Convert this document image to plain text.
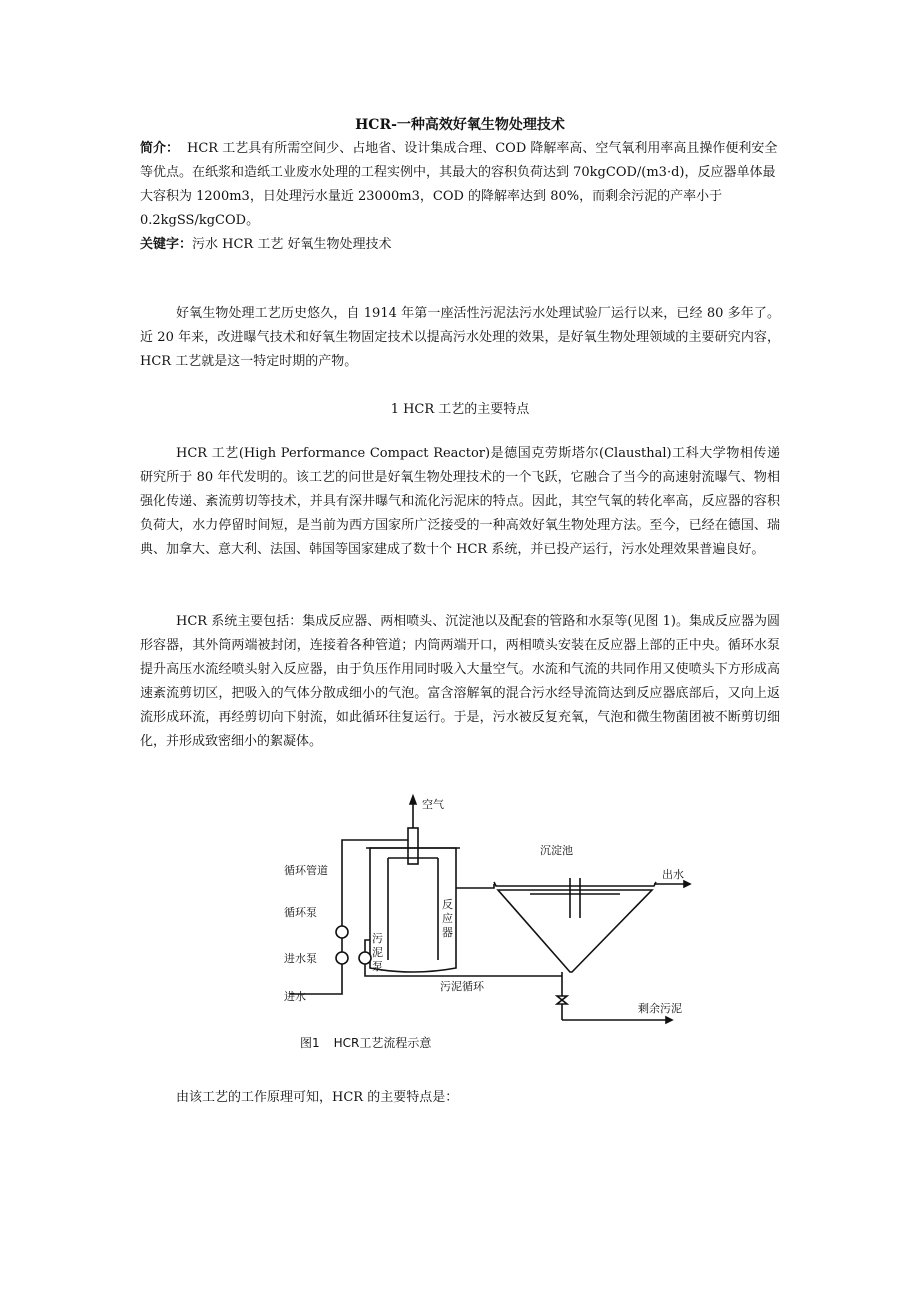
HCR-一种高效好氧生物处理技术
简介： HCR 工艺具有所需空间少、占地省、设计集成合理、COD 降解率高、空气氧利用率高且操作便利安全等优点。在纸浆和造纸工业废水处理的工程实例中，其最大的容积负荷达到 70kgCOD/(m3·d)，反应器单体最大容积为 1200m3，日处理污水量近 23000m3，COD 的降解率达到 80%，而剩余污泥的产率小于 0.2kgSS/kgCOD。
关键字：污水 HCR 工艺 好氧生物处理技术
好氧生物处理工艺历史悠久，自 1914 年第一座活性污泥法污水处理试验厂运行以来，已经 80 多年了。近 20 年来，改进曝气技术和好氧生物固定技术以提高污水处理的效果，是好氧生物处理领域的主要研究内容，HCR 工艺就是这一特定时期的产物。
1 HCR 工艺的主要特点
HCR 工艺(High Performance Compact Reactor)是德国克劳斯塔尔(Clausthal)工科大学物相传递研究所于 80 年代发明的。该工艺的问世是好氧生物处理技术的一个飞跃，它融合了当今的高速射流曝气、物相强化传递、紊流剪切等技术，并具有深井曝气和流化污泥床的特点。因此，其空气氧的转化率高，反应器的容积负荷大，水力停留时间短，是当前为西方国家所广泛接受的一种高效好氧生物处理方法。至今，已经在德国、瑞典、加拿大、意大利、法国、韩国等国家建成了数十个 HCR 系统，并已投产运行，污水处理效果普遍良好。
HCR 系统主要包括：集成反应器、两相喷头、沉淀池以及配套的管路和水泵等(见图 1)。集成反应器为圆形容器，其外筒两端被封闭，连接着各种管道；内筒两端开口，两相喷头安装在反应器上部的正中央。循环水泵提升高压水流经喷头射入反应器，由于负压作用同时吸入大量空气。水流和气流的共同作用又使喷头下方形成高速紊流剪切区，把吸入的气体分散成细小的气泡。富含溶解氧的混合污水经导流筒达到反应器底部后，又向上返流形成环流，再经剪切向下射流，如此循环往复运行。于是，污水被反复充氧，气泡和微生物菌团被不断剪切细化，并形成致密细小的絮凝体。
空气
循环管道
循环泵
进水泵
进水
污
泥
泵
反
应
器
沉淀池
出水
污泥循环
剩余污泥
图1 HCR工艺流程示意
由该工艺的工作原理可知，HCR 的主要特点是：
